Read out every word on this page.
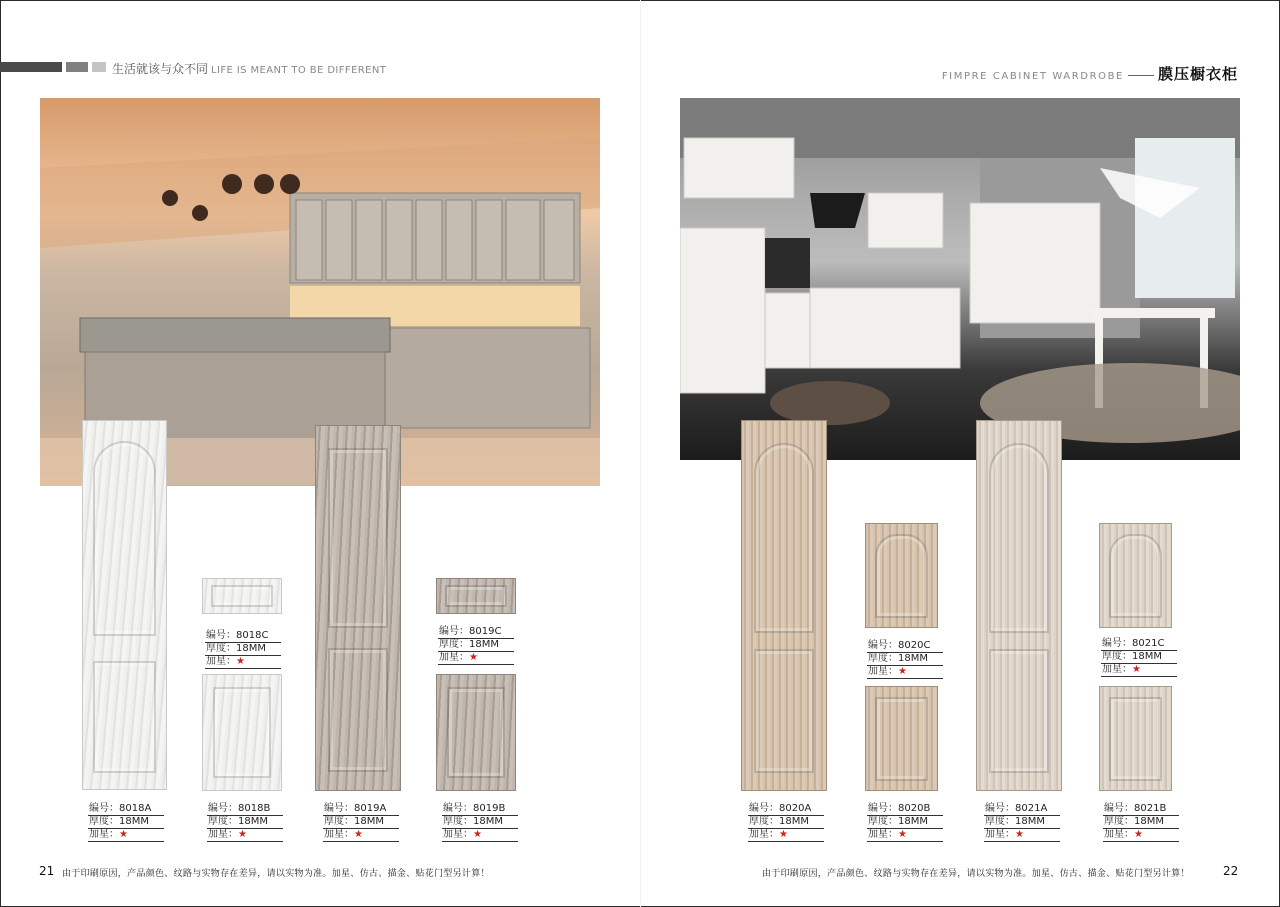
生活就该与众不同 LIFE IS MEANT TO BE DIFFERENT
FIMPRE CABINET WARDROBE 膜压橱衣柜
编号：8018A
厚度：18MM
加星：★
编号：8018C
厚度：18MM
加星：★
编号：8018B
厚度：18MM
加星：★
编号：8019A
厚度：18MM
加星：★
编号：8019C
厚度：18MM
加星：★
编号：8019B
厚度：18MM
加星：★
编号：8020A
厚度：18MM
加星：★
编号：8020C
厚度：18MM
加星：★
编号：8020B
厚度：18MM
加星：★
编号：8021A
厚度：18MM
加星：★
编号：8021C
厚度：18MM
加星：★
编号：8021B
厚度：18MM
加星：★
21 由于印刷原因，产品颜色、纹路与实物存在差异，请以实物为准。加星、仿古、描金、贴花门型另计算！	由于印刷原因，产品颜色、纹路与实物存在差异，请以实物为准。加星、仿古、描金、贴花门型另计算！	22
